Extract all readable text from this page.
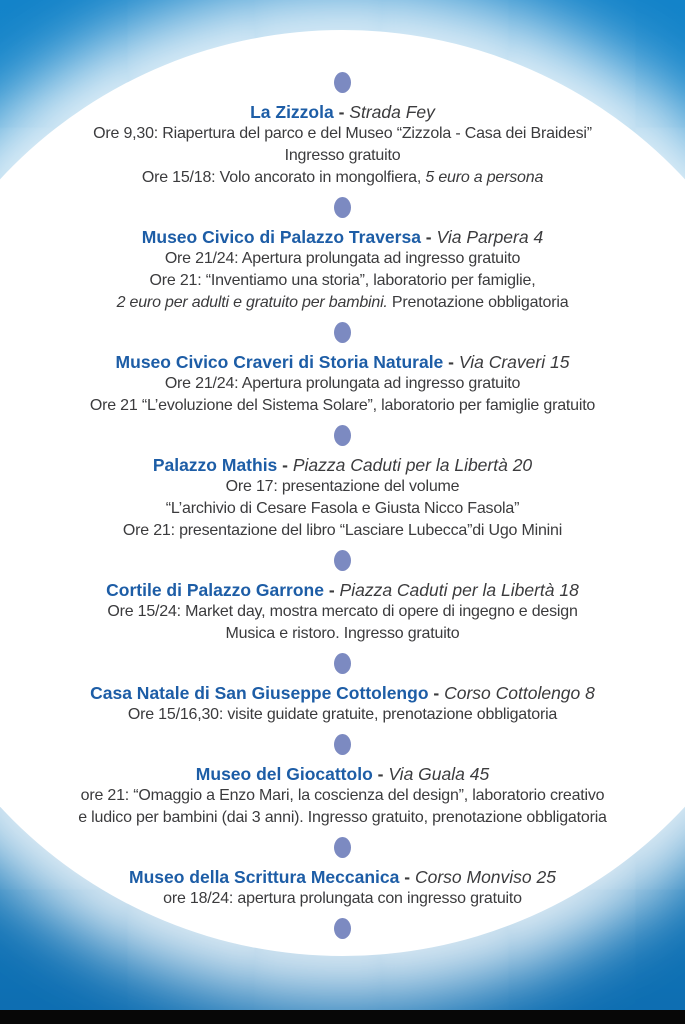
La Zizzola - Strada Fey
Ore 9,30: Riapertura del parco e del Museo “Zizzola - Casa dei Braidesi”
Ingresso gratuito
Ore 15/18: Volo ancorato in mongolfiera, 5 euro a persona
Museo Civico di Palazzo Traversa - Via Parpera 4
Ore 21/24: Apertura prolungata ad ingresso gratuito
Ore 21: “Inventiamo una storia”, laboratorio per famiglie,
2 euro per adulti e gratuito per bambini. Prenotazione obbligatoria
Museo Civico Craveri di Storia Naturale - Via Craveri 15
Ore 21/24: Apertura prolungata ad ingresso gratuito
Ore 21 “L’evoluzione del Sistema Solare”, laboratorio per famiglie gratuito
Palazzo Mathis - Piazza Caduti per la Libertà 20
Ore 17: presentazione del volume
“L’archivio di Cesare Fasola e Giusta Nicco Fasola”
Ore 21: presentazione del libro “Lasciare Lubecca”di Ugo Minini
Cortile di Palazzo Garrone - Piazza Caduti per la Libertà 18
Ore 15/24: Market day, mostra mercato di opere di ingegno e design
Musica e ristoro. Ingresso gratuito
Casa Natale di San Giuseppe Cottolengo - Corso Cottolengo 8
Ore 15/16,30: visite guidate gratuite, prenotazione obbligatoria
Museo del Giocattolo - Via Guala 45
ore 21: “Omaggio a Enzo Mari, la coscienza del design”, laboratorio creativo
e ludico per bambini (dai 3 anni). Ingresso gratuito, prenotazione obbligatoria
Museo della Scrittura Meccanica - Corso Monviso 25
ore 18/24: apertura prolungata con ingresso gratuito
